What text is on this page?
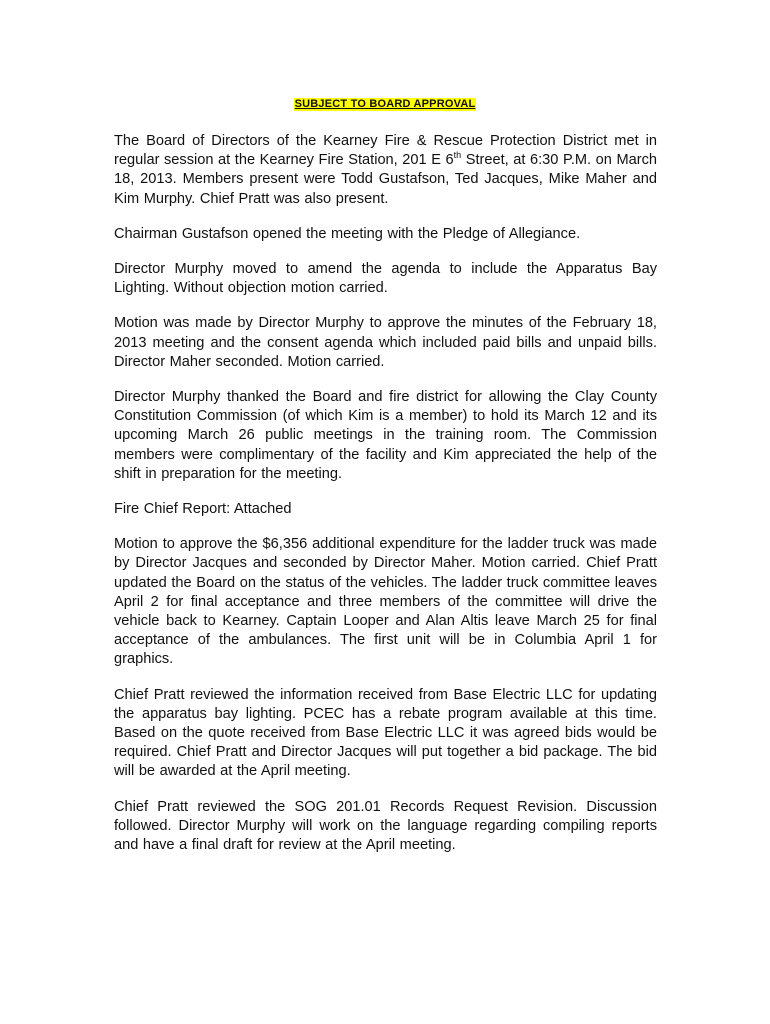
SUBJECT TO BOARD APPROVAL

The Board of Directors of the Kearney Fire & Rescue Protection District met in regular session at the Kearney Fire Station, 201 E 6th Street, at 6:30 P.M. on March 18, 2013. Members present were Todd Gustafson, Ted Jacques, Mike Maher and Kim Murphy. Chief Pratt was also present.

Chairman Gustafson opened the meeting with the Pledge of Allegiance.

Director Murphy moved to amend the agenda to include the Apparatus Bay Lighting. Without objection motion carried.

Motion was made by Director Murphy to approve the minutes of the February 18, 2013 meeting and the consent agenda which included paid bills and unpaid bills. Director Maher seconded. Motion carried.

Director Murphy thanked the Board and fire district for allowing the Clay County Constitution Commission (of which Kim is a member) to hold its March 12 and its upcoming March 26 public meetings in the training room. The Commission members were complimentary of the facility and Kim appreciated the help of the shift in preparation for the meeting.

Fire Chief Report: Attached

Motion to approve the $6,356 additional expenditure for the ladder truck was made by Director Jacques and seconded by Director Maher. Motion carried. Chief Pratt updated the Board on the status of the vehicles. The ladder truck committee leaves April 2 for final acceptance and three members of the committee will drive the vehicle back to Kearney. Captain Looper and Alan Altis leave March 25 for final acceptance of the ambulances. The first unit will be in Columbia April 1 for graphics.

Chief Pratt reviewed the information received from Base Electric LLC for updating the apparatus bay lighting. PCEC has a rebate program available at this time. Based on the quote received from Base Electric LLC it was agreed bids would be required. Chief Pratt and Director Jacques will put together a bid package. The bid will be awarded at the April meeting.

Chief Pratt reviewed the SOG 201.01 Records Request Revision. Discussion followed. Director Murphy will work on the language regarding compiling reports and have a final draft for review at the April meeting.
